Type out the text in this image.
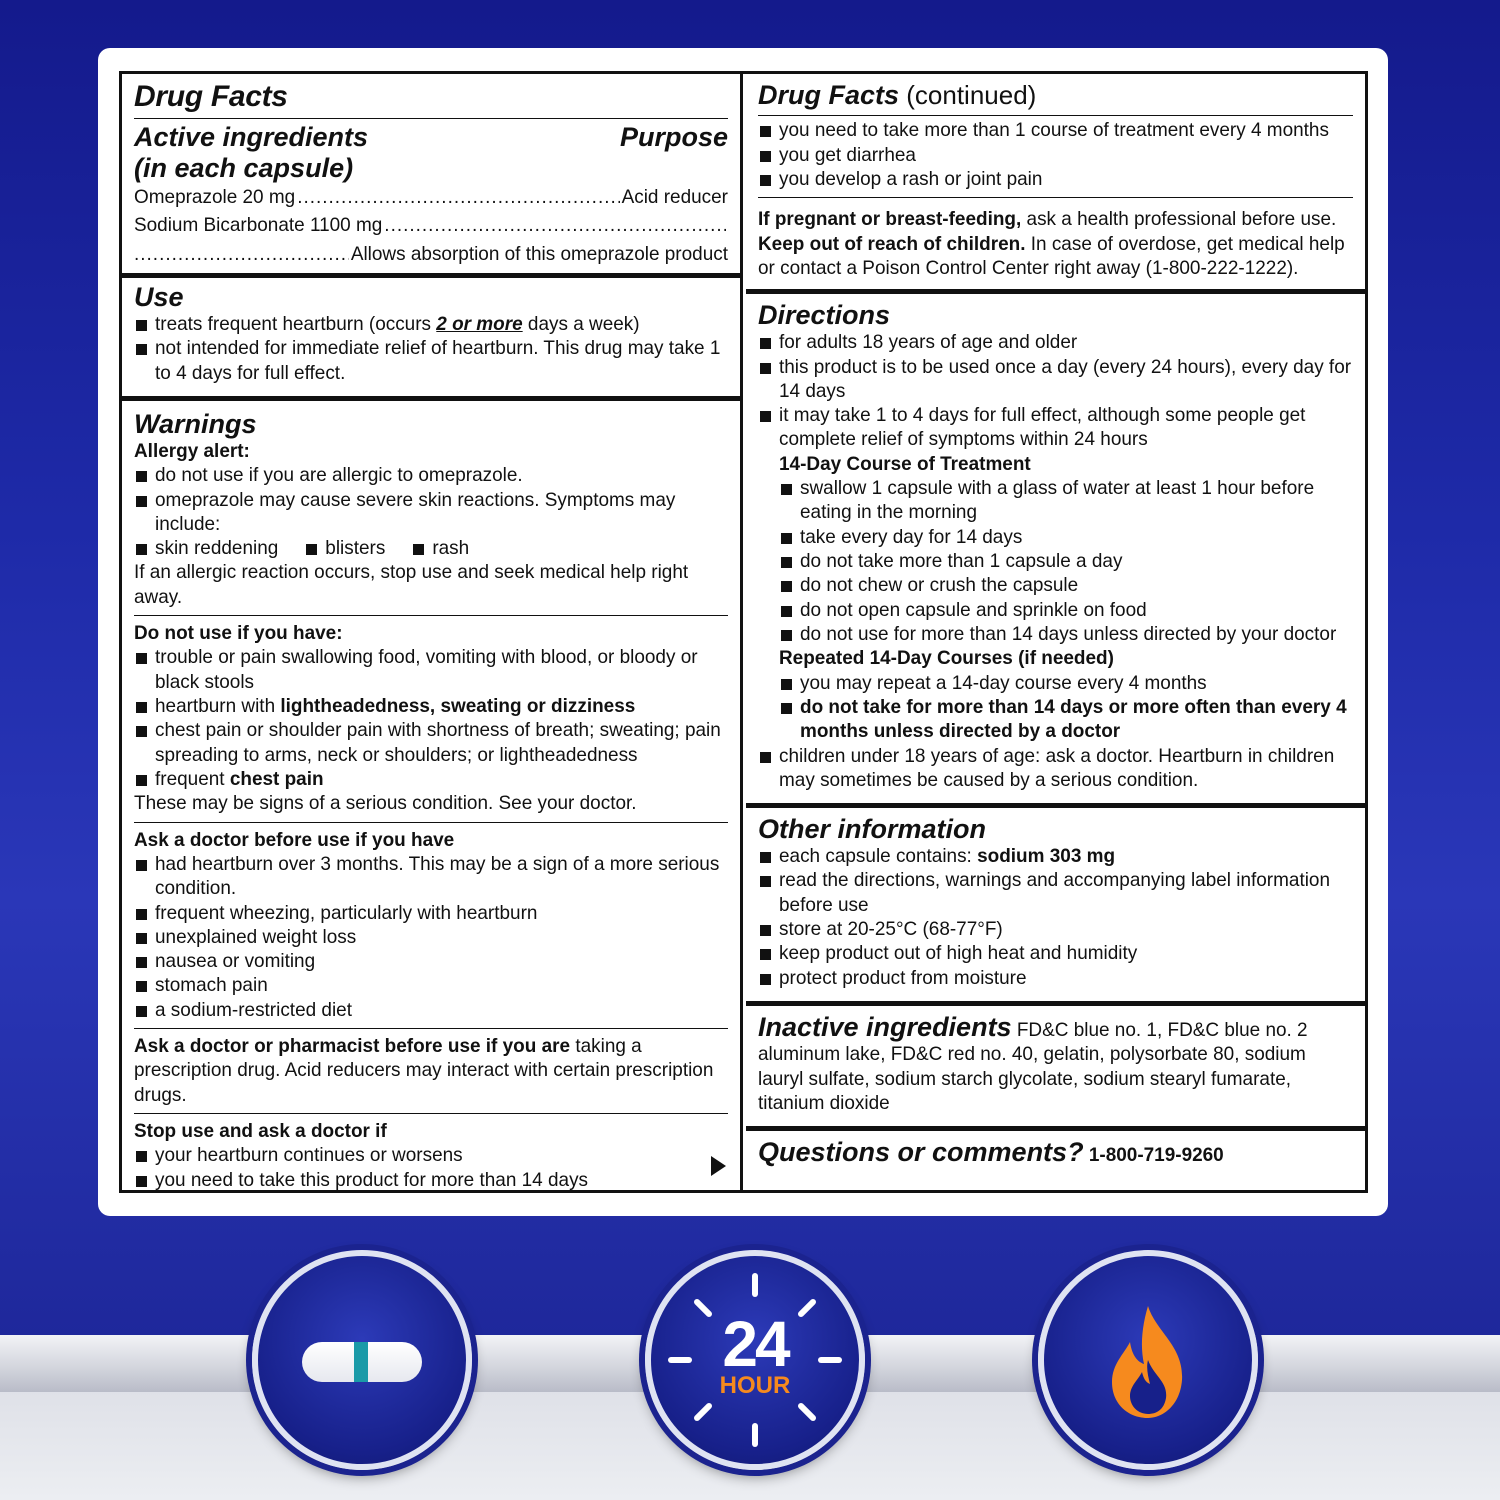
Drug Facts
Active ingredients
(in each capsule)
Purpose
Omeprazole 20 mg
.....	Acid reducer
Sodium Bicarbonate 1100 mg
.....
.....
Allows absorption of this omeprazole product
Use
treats frequent heartburn (occurs 2 or more days a week)
not intended for immediate relief of heartburn. This drug may take 1 to 4 days for full effect.
Warnings
Allergy alert:
do not use if you are allergic to omeprazole.
omeprazole may cause severe skin reactions. Symptoms may include:
skin reddening	blisters	rash
If an allergic reaction occurs, stop use and seek medical help right away.
Do not use if you have:
trouble or pain swallowing food, vomiting with blood, or bloody or black stools
heartburn with lightheadedness, sweating or dizziness
chest pain or shoulder pain with shortness of breath; sweating; pain spreading to arms, neck or shoulders; or lightheadedness
frequent chest pain
These may be signs of a serious condition. See your doctor.
Ask a doctor before use if you have
had heartburn over 3 months. This may be a sign of a more serious condition.
frequent wheezing, particularly with heartburn
unexplained weight loss
nausea or vomiting
stomach pain
a sodium-restricted diet
Ask a doctor or pharmacist before use if you are taking a prescription drug. Acid reducers may interact with certain prescription drugs.
Stop use and ask a doctor if
your heartburn continues or worsens
you need to take this product for more than 14 days
Drug Facts (continued)
you need to take more than 1 course of treatment every 4 months
you get diarrhea
you develop a rash or joint pain
If pregnant or breast-feeding, ask a health professional before use.
Keep out of reach of children. In case of overdose, get medical help or contact a Poison Control Center right away (1-800-222-1222).
Directions
for adults 18 years of age and older
this product is to be used once a day (every 24 hours), every day for 14 days
it may take 1 to 4 days for full effect, although some people get complete relief of symptoms within 24 hours
14-Day Course of Treatment
swallow 1 capsule with a glass of water at least 1 hour before eating in the morning
take every day for 14 days
do not take more than 1 capsule a day
do not chew or crush the capsule
do not open capsule and sprinkle on food
do not use for more than 14 days unless directed by your doctor
Repeated 14-Day Courses (if needed)
you may repeat a 14-day course every 4 months
do not take for more than 14 days or more often than every 4 months unless directed by a doctor
children under 18 years of age: ask a doctor. Heartburn in children may sometimes be caused by a serious condition.
Other information
each capsule contains: sodium 303 mg
read the directions, warnings and accompanying label information before use
store at 20-25°C (68-77°F)
keep product out of high heat and humidity
protect product from moisture
Inactive ingredients FD&C blue no. 1, FD&C blue no. 2 aluminum lake, FD&C red no. 40, gelatin, polysorbate 80, sodium lauryl sulfate, sodium starch glycolate, sodium stearyl fumarate, titanium dioxide
Questions or comments? 1-800-719-9260
24
HOUR
